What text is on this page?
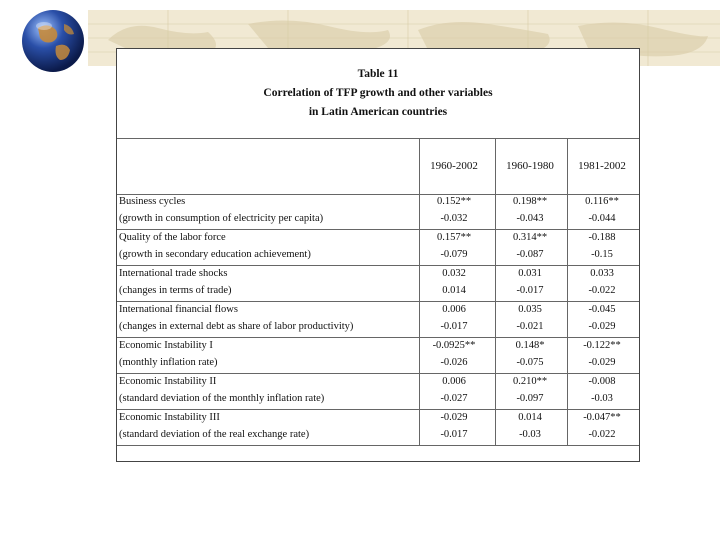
Table 11
Correlation of TFP growth and other variables
in Latin American countries
1960-2002	1960-1980	1981-2002
Business cycles
(growth in consumption of electricity per capita)
0.152**
-0.032
0.198**
-0.043
0.116**
-0.044
Quality of the labor force
(growth in secondary education achievement)
0.157**
-0.079
0.314**
-0.087
-0.188
-0.15
International trade shocks
(changes in terms of trade)
0.032
0.014
0.031
-0.017
0.033
-0.022
International financial flows
(changes in external debt as share of labor productivity)
0.006
-0.017
0.035
-0.021
-0.045
-0.029
Economic Instability I
(monthly inflation rate)
-0.0925**
-0.026
0.148*
-0.075
-0.122**
-0.029
Economic Instability II
(standard deviation of the monthly inflation rate)
0.006
-0.027
0.210**
-0.097
-0.008
-0.03
Economic Instability III
(standard deviation of the real exchange rate)
-0.029
-0.017
0.014
-0.03
-0.047**
-0.022
